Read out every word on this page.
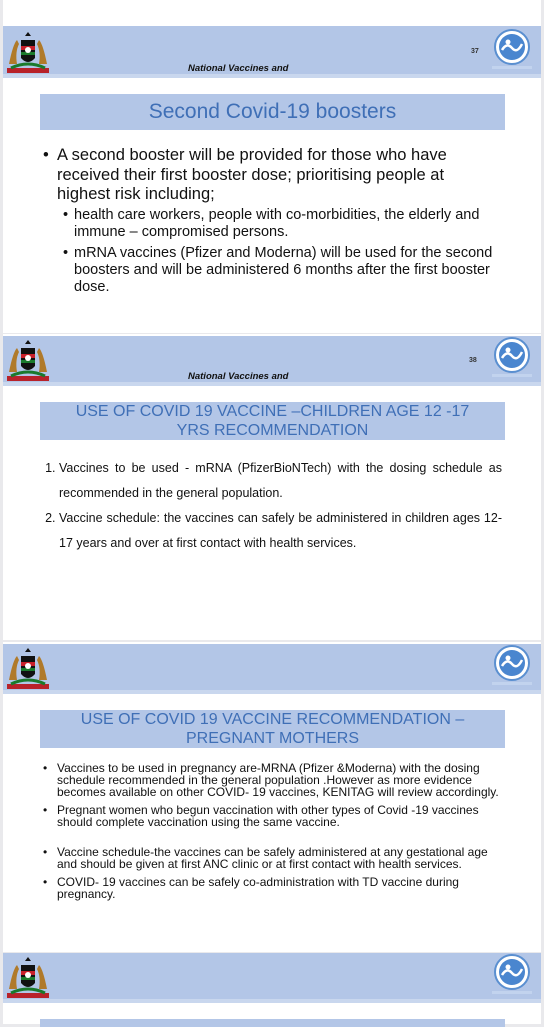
37
National Vaccines and
Second Covid-19 boosters
• A second booster will be provided for those who have received their first booster dose; prioritising people at highest risk including;
• health care workers, people with co-morbidities, the elderly and immune – compromised persons.
• mRNA vaccines (Pfizer and Moderna) will be used for the second boosters and will be administered 6 months after the first booster dose.
38
National Vaccines and
USE OF COVID 19 VACCINE –CHILDREN AGE 12 -17 YRS RECOMMENDATION
1. Vaccines to be used - mRNA (PfizerBioNTech) with the dosing schedule as recommended in the general population.
2. Vaccine schedule: the vaccines can safely be administered in children ages 12-17 years and over at first contact with health services.
USE OF COVID 19 VACCINE RECOMMENDATION – PREGNANT MOTHERS
• Vaccines to be used in pregnancy are-MRNA (Pfizer &Moderna) with the dosing schedule recommended in the general population .However as more evidence becomes available on other COVID- 19 vaccines, KENITAG will review accordingly.
• Pregnant women who begun vaccination with other types of Covid -19 vaccines should complete vaccination using the same vaccine.
• Vaccine schedule-the vaccines can be safely administered at any gestational age and should be given at first ANC clinic or at first contact with health services.
• COVID- 19 vaccines can be safely co-administration with TD vaccine during pregnancy.
